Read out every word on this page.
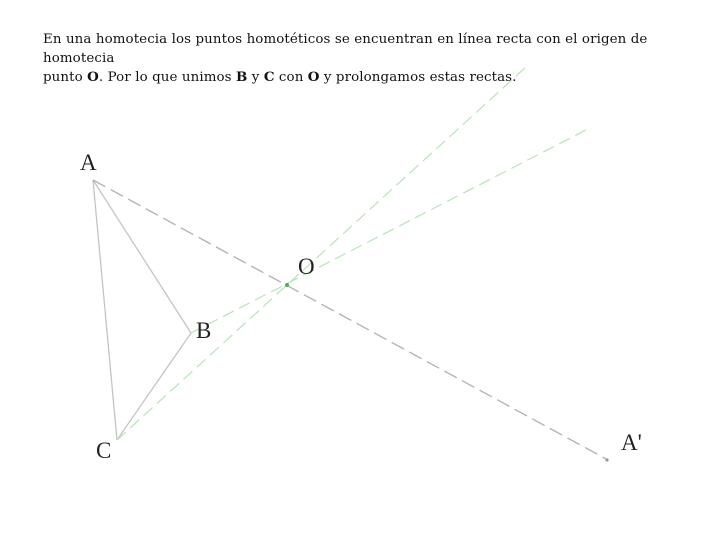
En una homotecia los puntos homotéticos se encuentran en línea recta con el origen de homotecia
punto O. Por lo que unimos B y C con O y prolongamos estas rectas.
A
B
C
O
A'
